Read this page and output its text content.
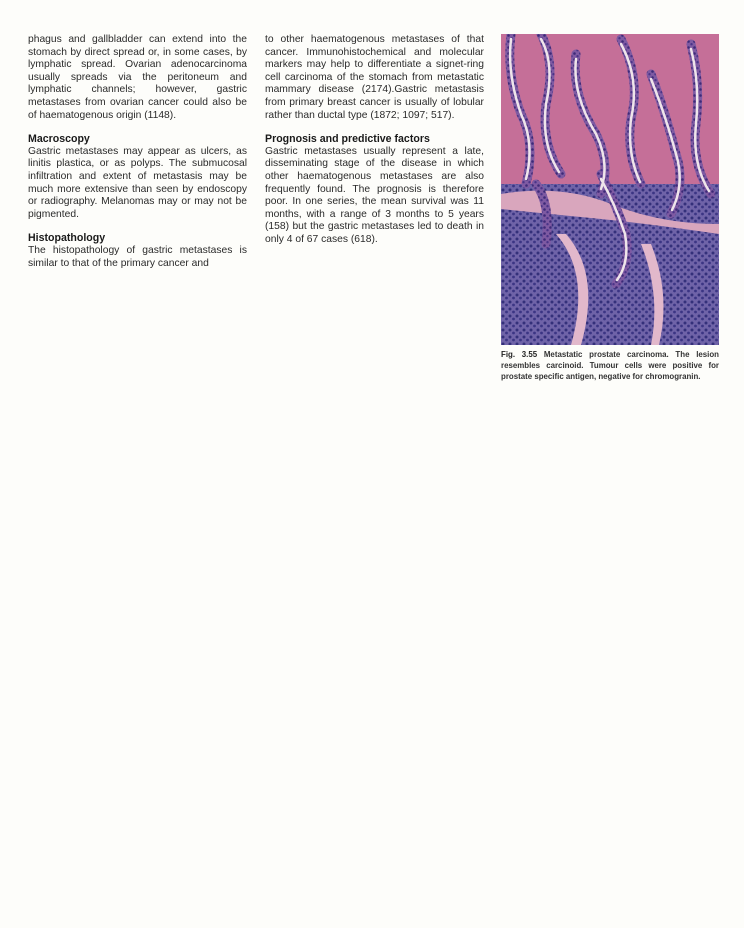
phagus and gallbladder can extend into the stomach by direct spread or, in some cases, by lymphatic spread. Ovarian adenocarcinoma usually spreads via the peritoneum and lymphatic channels; however, gastric metastases from ovarian cancer could also be of haematogenous origin (1148).

Macroscopy

Gastric metastases may appear as ulcers, as linitis plastica, or as polyps. The submucosal infiltration and extent of metastasis may be much more extensive than seen by endoscopy or radiography. Melanomas may or may not be pigmented.

Histopathology

The histopathology of gastric metastases is similar to that of the primary cancer and

to other haematogenous metastases of that cancer. Immunohistochemical and molecular markers may help to differentiate a signet-ring cell carcinoma of the stomach from metastatic mammary disease (2174).Gastric metastasis from primary breast cancer is usually of lobular rather than ductal type (1872; 1097; 517).

Prognosis and predictive factors

Gastric metastases usually represent a late, disseminating stage of the disease in which other haematogenous metastases are also frequently found. The prognosis is therefore poor. In one series, the mean survival was 11 months, with a range of 3 months to 5 years (158) but the gastric metastases led to death in only 4 of 67 cases (618).

Fig. 3.55 Metastatic prostate carcinoma. The lesion resembles carcinoid. Tumour cells were positive for prostate specific antigen, negative for chromogranin.
